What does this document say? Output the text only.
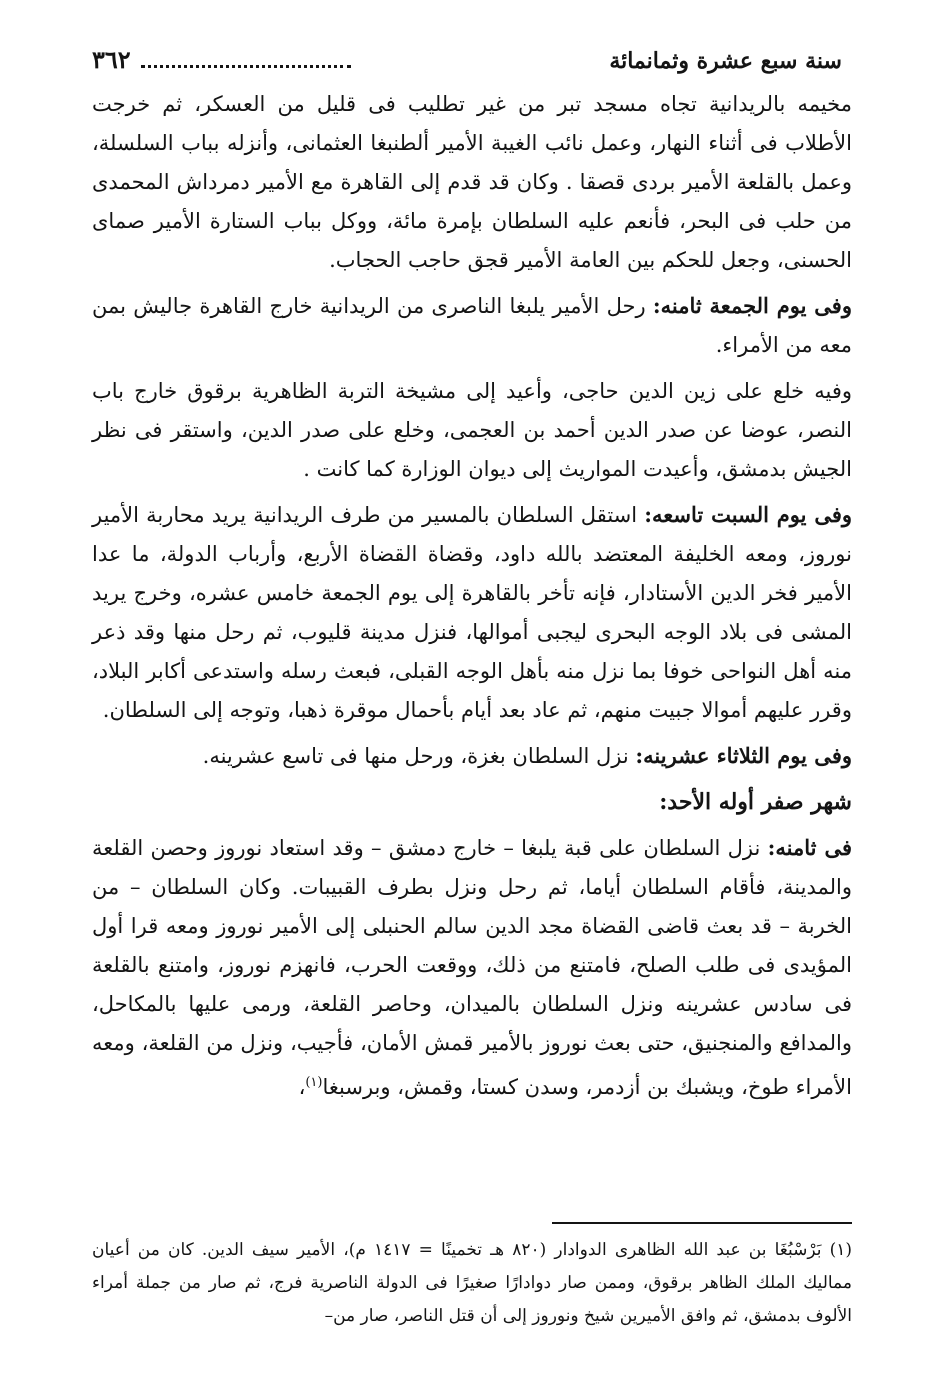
سنة سبع عشرة وثمانمائة
٣٦٢

مخيمه بالريدانية تجاه مسجد تبر من غير تطليب فى قليل من العسكر، ثم خرجت الأطلاب فى أثناء النهار، وعمل نائب الغيبة الأمير ألطنبغا العثمانى، وأنزله بباب السلسلة، وعمل بالقلعة الأمير بردى قصقا . وكان قد قدم إلى القاهرة مع الأمير دمرداش المحمدى من حلب فى البحر، فأنعم عليه السلطان بإمرة مائة، ووكل بباب الستارة الأمير صماى الحسنى، وجعل للحكم بين العامة الأمير قجق حاجب الحجاب.

وفى يوم الجمعة ثامنه: رحل الأمير يلبغا الناصرى من الريدانية خارج القاهرة جاليش بمن معه من الأمراء.

وفيه خلع على زين الدين حاجى، وأعيد إلى مشيخة التربة الظاهرية برقوق خارج باب النصر، عوضا عن صدر الدين أحمد بن العجمى، وخلع على صدر الدين، واستقر فى نظر الجيش بدمشق، وأعيدت المواريث إلى ديوان الوزارة كما كانت .

وفى يوم السبت تاسعه: استقل السلطان بالمسير من طرف الريدانية يريد محاربة الأمير نوروز، ومعه الخليفة المعتضد بالله داود، وقضاة القضاة الأربع، وأرباب الدولة، ما عدا الأمير فخر الدين الأستادار، فإنه تأخر بالقاهرة إلى يوم الجمعة خامس عشره، وخرج يريد المشى فى بلاد الوجه البحرى ليجبى أموالها، فنزل مدينة قليوب، ثم رحل منها وقد ذعر منه أهل النواحى خوفا بما نزل منه بأهل الوجه القبلى، فبعث رسله واستدعى أكابر البلاد، وقرر عليهم أموالا جبيت منهم، ثم عاد بعد أيام بأحمال موقرة ذهبا، وتوجه إلى السلطان.

وفى يوم الثلاثاء عشرينه: نزل السلطان بغزة، ورحل منها فى تاسع عشرينه.

شهر صفر أوله الأحد:

فى ثامنه: نزل السلطان على قبة يلبغا – خارج دمشق – وقد استعاد نوروز وحصن القلعة والمدينة، فأقام السلطان أياما، ثم رحل ونزل بطرف القبيبات. وكان السلطان – من الخربة – قد بعث قاضى القضاة مجد الدين سالم الحنبلى إلى الأمير نوروز ومعه قرا أول المؤيدى فى طلب الصلح، فامتنع من ذلك، ووقعت الحرب، فانهزم نوروز، وامتنع بالقلعة فى سادس عشرينه ونزل السلطان بالميدان، وحاصر القلعة، ورمى عليها بالمكاحل، والمدافع والمنجنيق، حتى بعث نوروز بالأمير قمش الأمان، فأجيب، ونزل من القلعة، ومعه الأمراء طوخ، ويشبك بن أزدمر، وسدن كستا، وقمش، وبرسبغا$^{(١)}$،

(١) بَرْسْبُغَا بن عبد الله الظاهرى الدوادار (٨٢٠ هـ تخمينًا = ١٤١٧ م)، الأمير سيف الدين. كان من أعيان مماليك الملك الظاهر برقوق، وممن صار دوادارًا صغيرًا فى الدولة الناصرية فرج، ثم صار من جملة أمراء الألوف بدمشق، ثم وافق الأميرين شيخ ونوروز إلى أن قتل الناصر، صار من–
